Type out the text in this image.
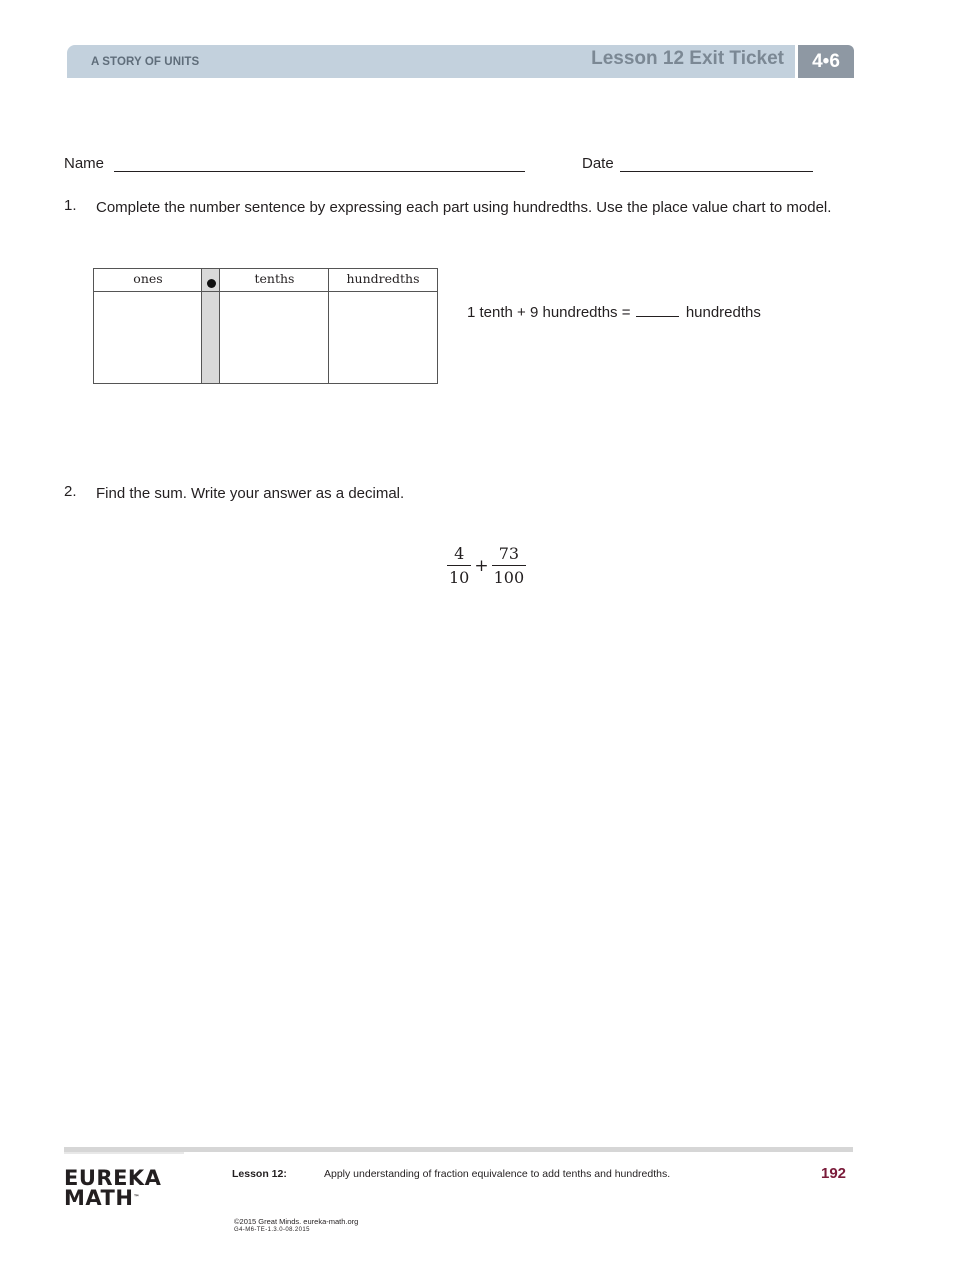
A STORY OF UNITS	Lesson 12 Exit Ticket	4•6
Name	Date
1. Complete the number sentence by expressing each part using hundredths. Use the place value chart to model.
ones	tenths	hundredths
1 tenth + 9 hundredths =	hundredths
2. Find the sum. Write your answer as a decimal.
$\frac{4}{10} + \frac{73}{100}$
EUREKA
MATH™
Lesson 12:	Apply understanding of fraction equivalence to add tenths and hundredths.	192
©2015 Great Minds. eureka-math.org
G4-M6-TE-1.3.0-08.2015
